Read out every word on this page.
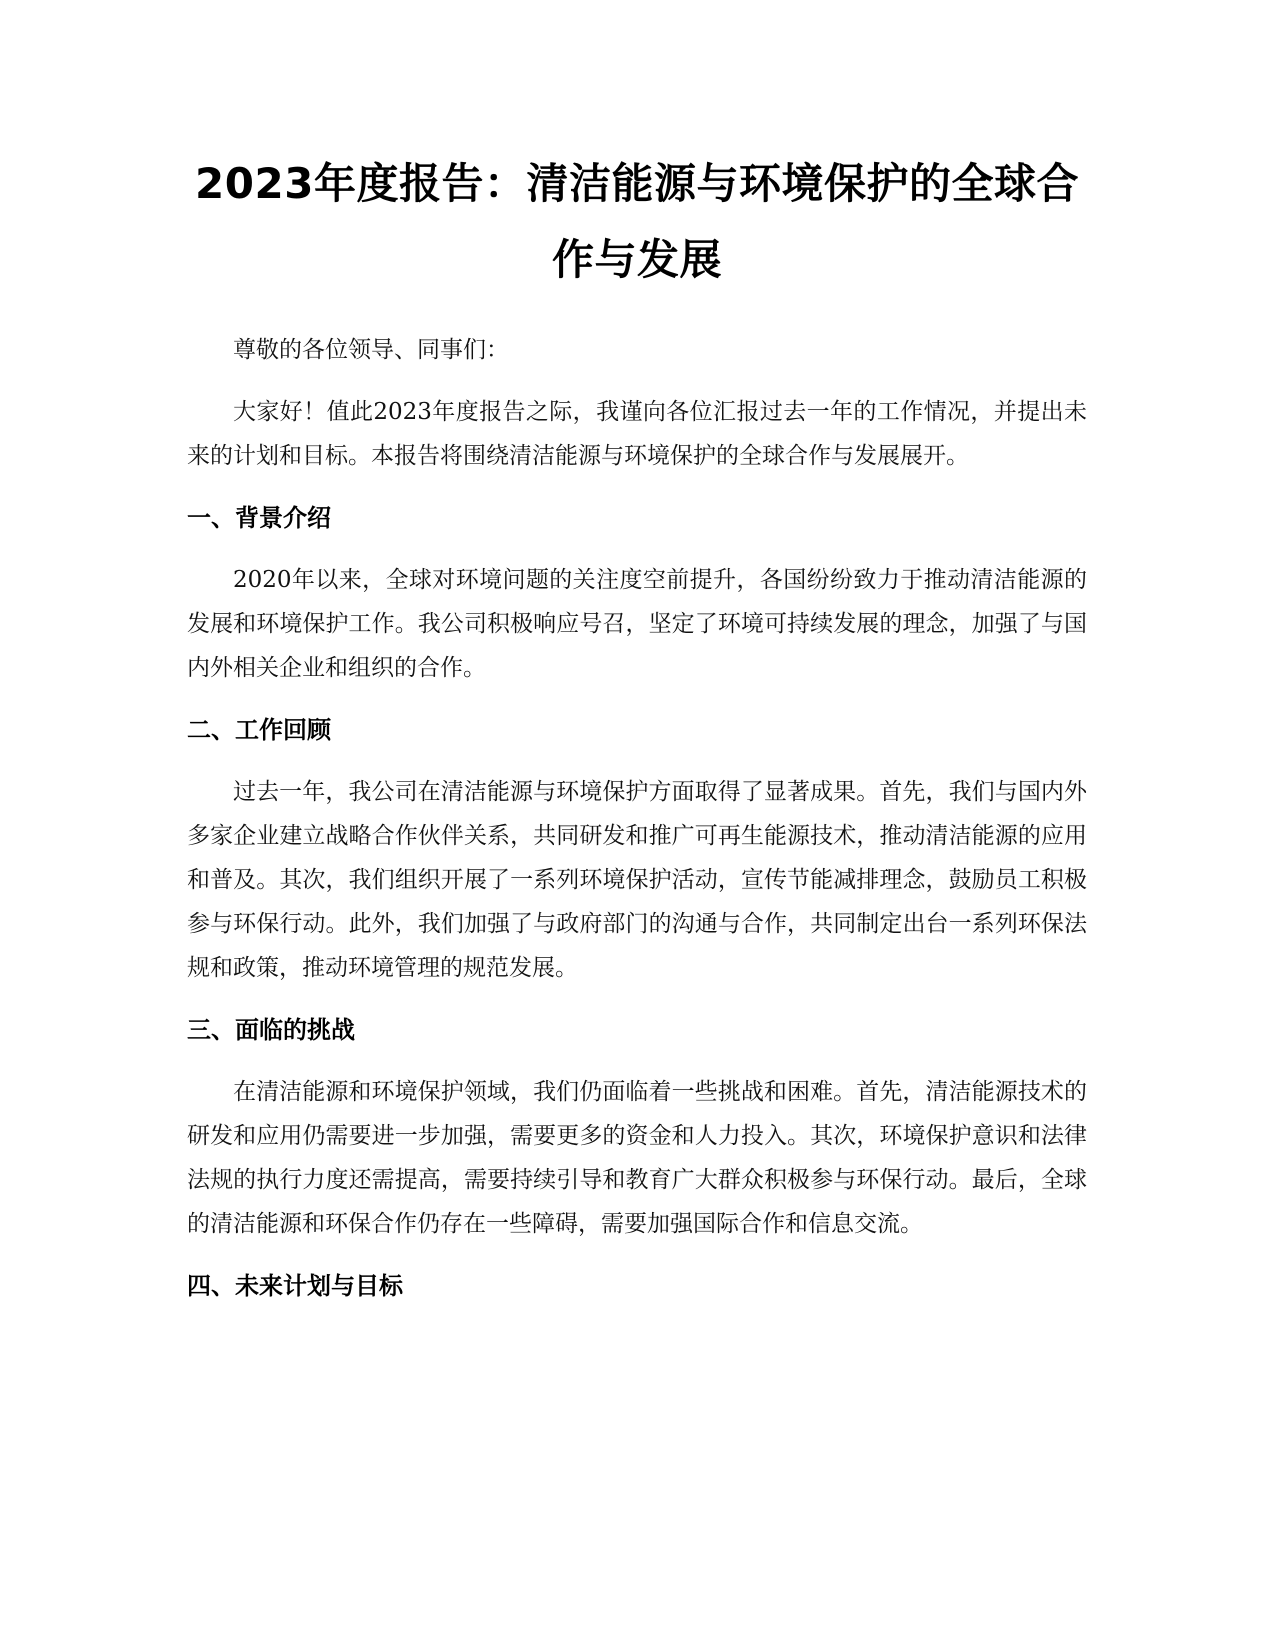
2023年度报告：清洁能源与环境保护的全球合作与发展

尊敬的各位领导、同事们：

大家好！值此2023年度报告之际，我谨向各位汇报过去一年的工作情况，并提出未来的计划和目标。本报告将围绕清洁能源与环境保护的全球合作与发展展开。

一、背景介绍

2020年以来，全球对环境问题的关注度空前提升，各国纷纷致力于推动清洁能源的发展和环境保护工作。我公司积极响应号召，坚定了环境可持续发展的理念，加强了与国内外相关企业和组织的合作。

二、工作回顾

过去一年，我公司在清洁能源与环境保护方面取得了显著成果。首先，我们与国内外多家企业建立战略合作伙伴关系，共同研发和推广可再生能源技术，推动清洁能源的应用和普及。其次，我们组织开展了一系列环境保护活动，宣传节能减排理念，鼓励员工积极参与环保行动。此外，我们加强了与政府部门的沟通与合作，共同制定出台一系列环保法规和政策，推动环境管理的规范发展。

三、面临的挑战

在清洁能源和环境保护领域，我们仍面临着一些挑战和困难。首先，清洁能源技术的研发和应用仍需要进一步加强，需要更多的资金和人力投入。其次，环境保护意识和法律法规的执行力度还需提高，需要持续引导和教育广大群众积极参与环保行动。最后，全球的清洁能源和环保合作仍存在一些障碍，需要加强国际合作和信息交流。

四、未来计划与目标
